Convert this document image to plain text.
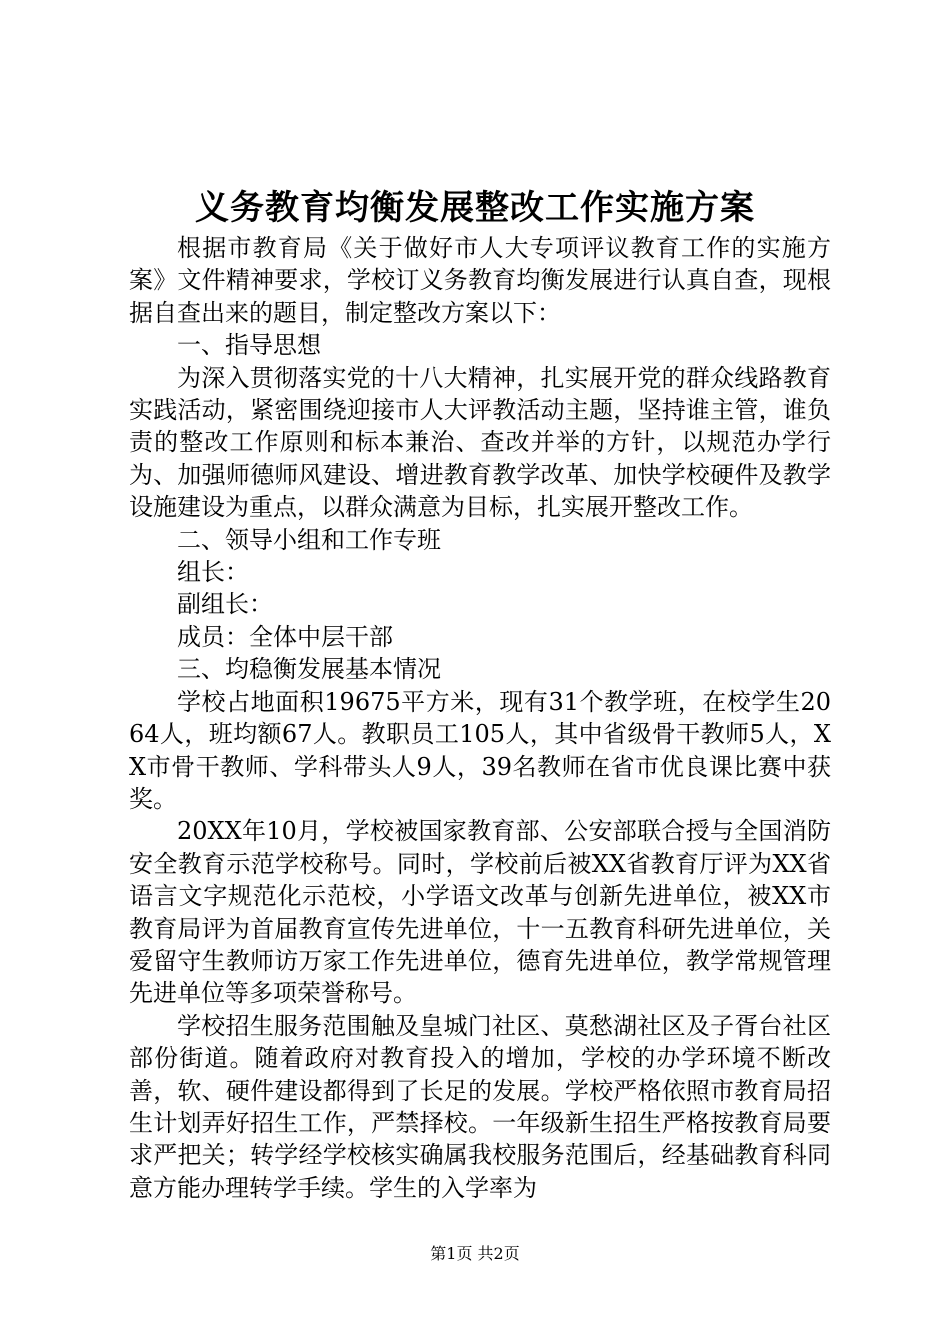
义务教育均衡发展整改工作实施方案

根据市教育局《关于做好市人大专项评议教育工作的实施方案》文件精神要求，学校订义务教育均衡发展进行认真自查，现根据自查出来的题目，制定整改方案以下：

一、指导思想

为深入贯彻落实党的十八大精神，扎实展开党的群众线路教育实践活动，紧密围绕迎接市人大评教活动主题，坚持谁主管，谁负责的整改工作原则和标本兼治、查改并举的方针，以规范办学行为、加强师德师风建设、增进教育教学改革、加快学校硬件及教学设施建设为重点，以群众满意为目标，扎实展开整改工作。

二、领导小组和工作专班

组长：

副组长：

成员：全体中层干部

三、均稳衡发展基本情况

学校占地面积19675平方米，现有31个教学班，在校学生2064人，班均额67人。教职员工105人，其中省级骨干教师5人，XX市骨干教师、学科带头人9人，39名教师在省市优良课比赛中获奖。

20XX年10月，学校被国家教育部、公安部联合授与全国消防安全教育示范学校称号。同时，学校前后被XX省教育厅评为XX省语言文字规范化示范校，小学语文改革与创新先进单位，被XX市教育局评为首届教育宣传先进单位，十一五教育科研先进单位，关爱留守生教师访万家工作先进单位，德育先进单位，教学常规管理先进单位等多项荣誉称号。

学校招生服务范围触及皇城门社区、莫愁湖社区及子胥台社区部份街道。随着政府对教育投入的增加，学校的办学环境不断改善，软、硬件建设都得到了长足的发展。学校严格依照市教育局招生计划弄好招生工作，严禁择校。一年级新生招生严格按教育局要求严把关；转学经学校核实确属我校服务范围后，经基础教育科同意方能办理转学手续。学生的入学率为

第1页 共2页
